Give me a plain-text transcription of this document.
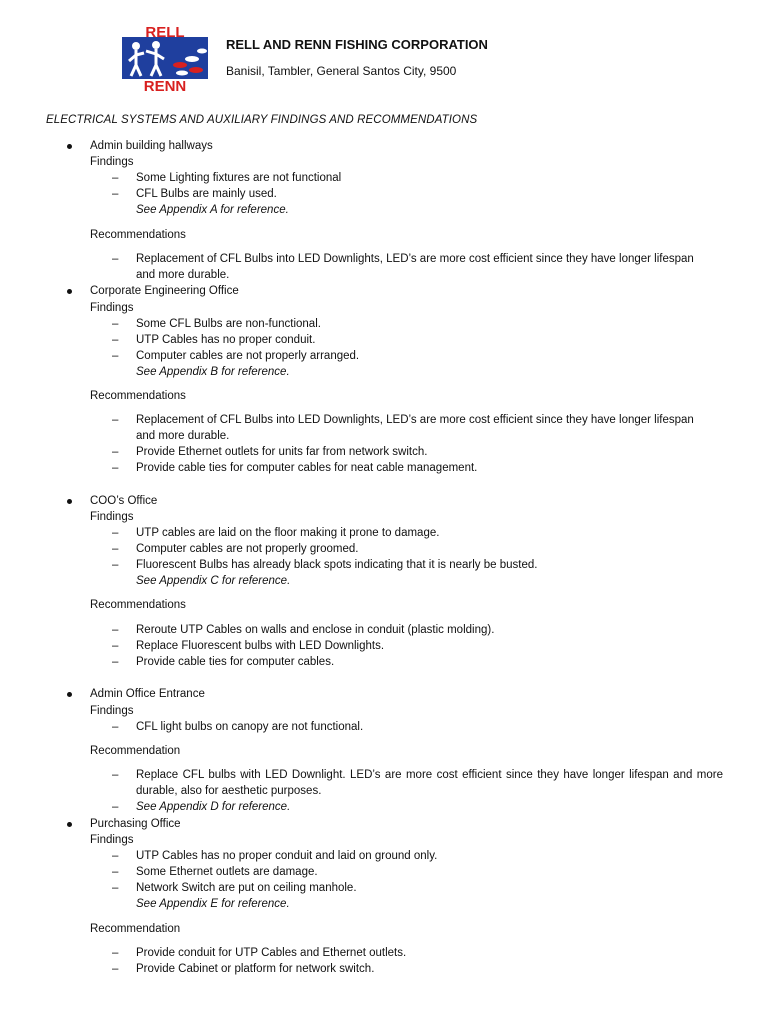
RELL
RENN
RELL AND RENN FISHING CORPORATION
Banisil, Tambler, General Santos City, 9500
ELECTRICAL SYSTEMS AND AUXILIARY FINDINGS AND RECOMMENDATIONS
Admin building hallways
Findings
– Some Lighting fixtures are not functional
– CFL Bulbs are mainly used.
See Appendix A for reference.
Recommendations
– Replacement of CFL Bulbs into LED Downlights, LED’s are more cost efficient since they have longer lifespan and more durable.
Corporate Engineering Office
Findings
– Some CFL Bulbs are non-functional.
– UTP Cables has no proper conduit.
– Computer cables are not properly arranged.
See Appendix B for reference.
Recommendations
– Replacement of CFL Bulbs into LED Downlights, LED’s are more cost efficient since they have longer lifespan and more durable.
– Provide Ethernet outlets for units far from network switch.
– Provide cable ties for computer cables for neat cable management.
COO’s Office
Findings
– UTP cables are laid on the floor making it prone to damage.
– Computer cables are not properly groomed.
– Fluorescent Bulbs has already black spots indicating that it is nearly be busted.
See Appendix C for reference.
Recommendations
– Reroute UTP Cables on walls and enclose in conduit (plastic molding).
– Replace Fluorescent bulbs with LED Downlights.
– Provide cable ties for computer cables.
Admin Office Entrance
Findings
– CFL light bulbs on canopy are not functional.
Recommendation
– Replace CFL bulbs with LED Downlight. LED’s are more cost efficient since they have longer lifespan and more durable, also for aesthetic purposes.
– See Appendix D for reference.
Purchasing Office
Findings
– UTP Cables has no proper conduit and laid on ground only.
– Some Ethernet outlets are damage.
– Network Switch are put on ceiling manhole.
See Appendix E for reference.
Recommendation
– Provide conduit for UTP Cables and Ethernet outlets.
– Provide Cabinet or platform for network switch.
